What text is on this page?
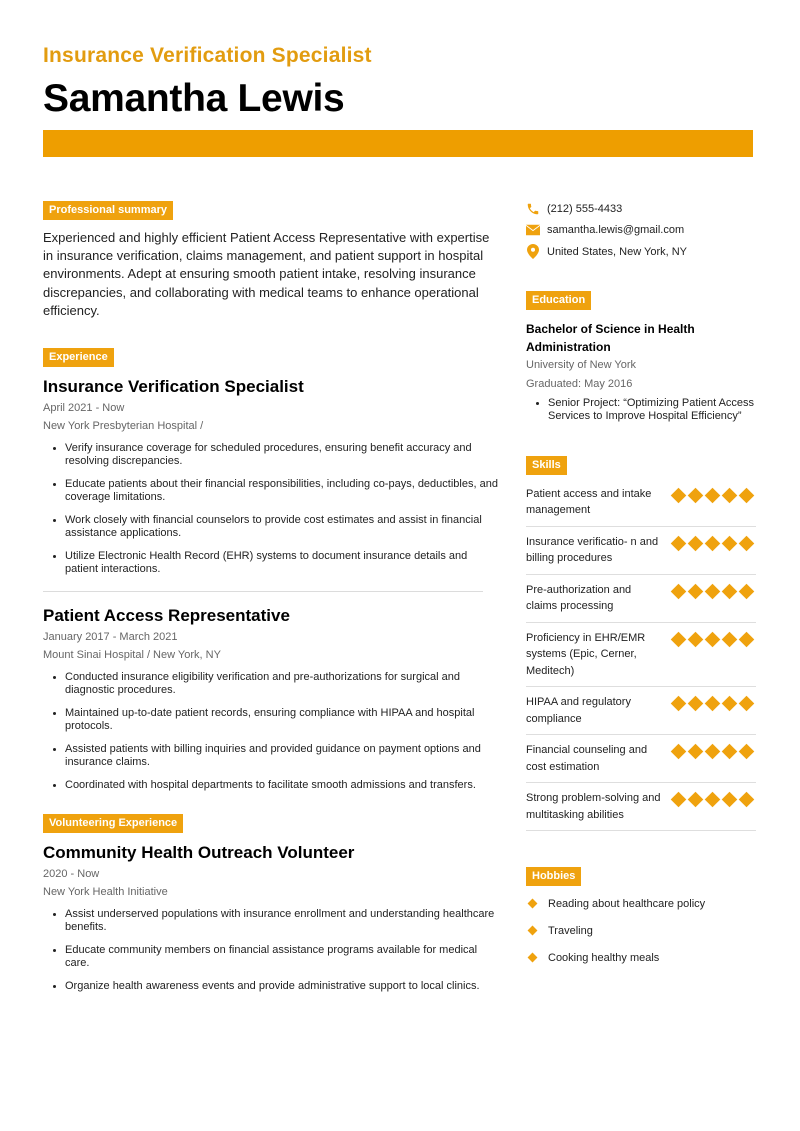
Insurance Verification Specialist
Samantha Lewis
Professional summary

Experienced and highly efficient Patient Access Representative with expertise in insurance verification, claims management, and patient support in hospital environments. Adept at ensuring smooth patient intake, resolving insurance discrepancies, and collaborating with medical teams to enhance operational efficiency.

Experience
Insurance Verification Specialist
April 2021 - Now
New York Presbyterian Hospital /
Verify insurance coverage for scheduled procedures, ensuring benefit accuracy and resolving discrepancies.
Educate patients about their financial responsibilities, including co-pays, deductibles, and coverage limitations.
Work closely with financial counselors to provide cost estimates and assist in financial assistance applications.
Utilize Electronic Health Record (EHR) systems to document insurance details and patient interactions.
Patient Access Representative
January 2017 - March 2021
Mount Sinai Hospital / New York, NY
Conducted insurance eligibility verification and pre-authorizations for surgical and diagnostic procedures.
Maintained up-to-date patient records, ensuring compliance with HIPAA and hospital protocols.
Assisted patients with billing inquiries and provided guidance on payment options and insurance claims.
Coordinated with hospital departments to facilitate smooth admissions and transfers.
Volunteering Experience
Community Health Outreach Volunteer
2020 - Now
New York Health Initiative
Assist underserved populations with insurance enrollment and understanding healthcare benefits.
Educate community members on financial assistance programs available for medical care.
Organize health awareness events and provide administrative support to local clinics.
(212) 555-4433
samantha.lewis@gmail.com
United States, New York, NY
Education
Bachelor of Science in Health Administration
University of New York
Graduated: May 2016
Senior Project: “Optimizing Patient Access Services to Improve Hospital Efficiency”
Skills
Patient access and intake management
Insurance verificatio- n and billing procedures
Pre-authorization and claims processing
Proficiency in EHR/EMR systems (Epic, Cerner, Meditech)
HIPAA and regulatory compliance
Financial counseling and cost estimation
Strong problem-solving and multitasking abilities
Hobbies
Reading about healthcare policy
Traveling
Cooking healthy meals
